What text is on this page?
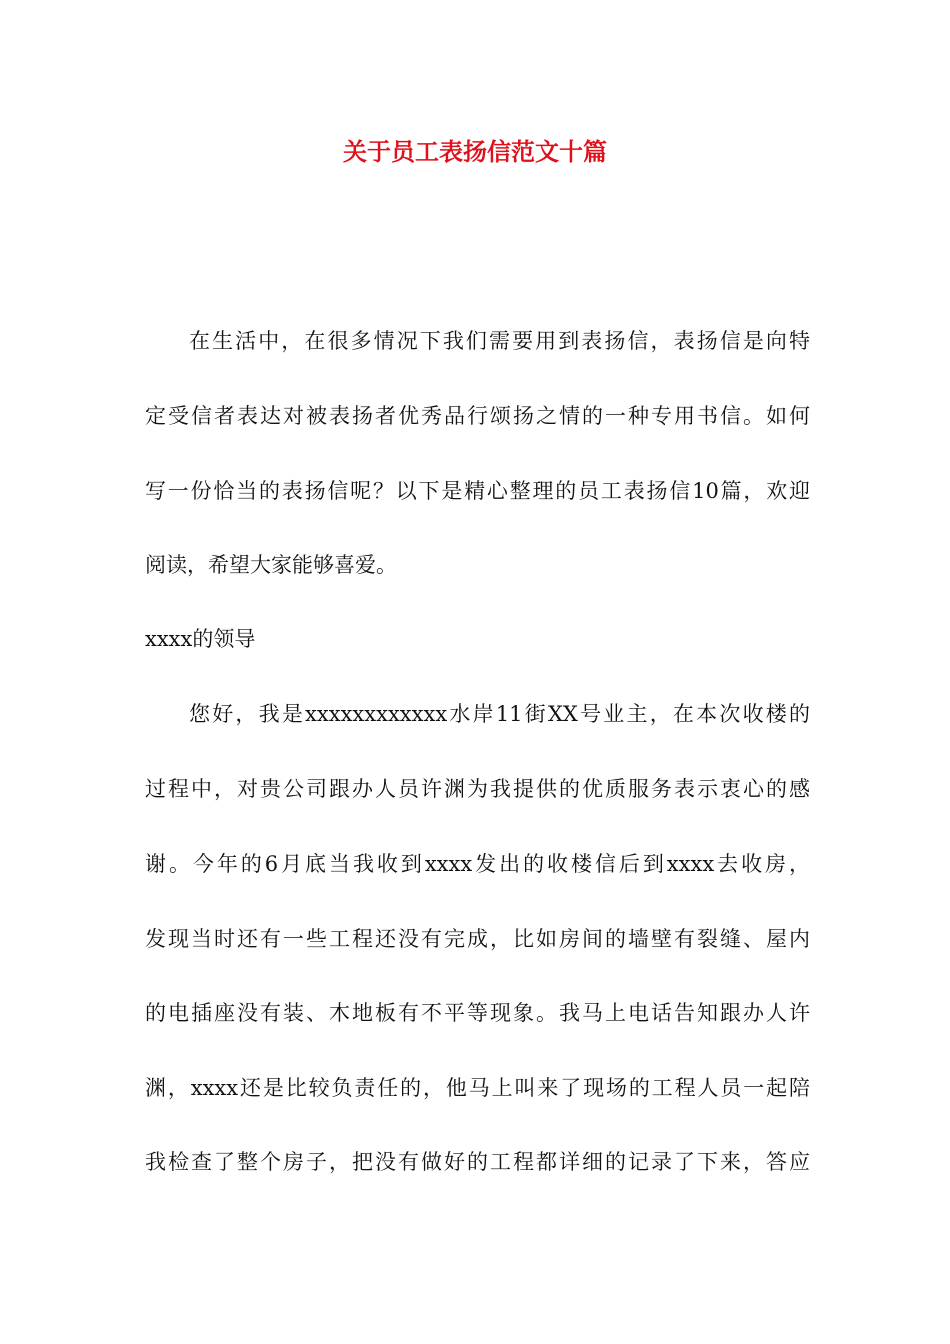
关于员工表扬信范文十篇
在生活中，在很多情况下我们需要用到表扬信，表扬信是向特
定受信者表达对被表扬者优秀品行颂扬之情的一种专用书信。如何
写一份恰当的表扬信呢？以下是精心整理的员工表扬信10篇，欢迎
阅读，希望大家能够喜爱。
xxxx的领导
您好，我是xxxxxxxxxxxx水岸11街XX号业主，在本次收楼的
过程中，对贵公司跟办人员许渊为我提供的优质服务表示衷心的感
谢。今年的6月底当我收到xxxx发出的收楼信后到xxxx去收房，
发现当时还有一些工程还没有完成，比如房间的墙壁有裂缝、屋内
的电插座没有装、木地板有不平等现象。我马上电话告知跟办人许
渊，xxxx还是比较负责任的，他马上叫来了现场的工程人员一起陪
我检查了整个房子，把没有做好的工程都详细的记录了下来，答应
